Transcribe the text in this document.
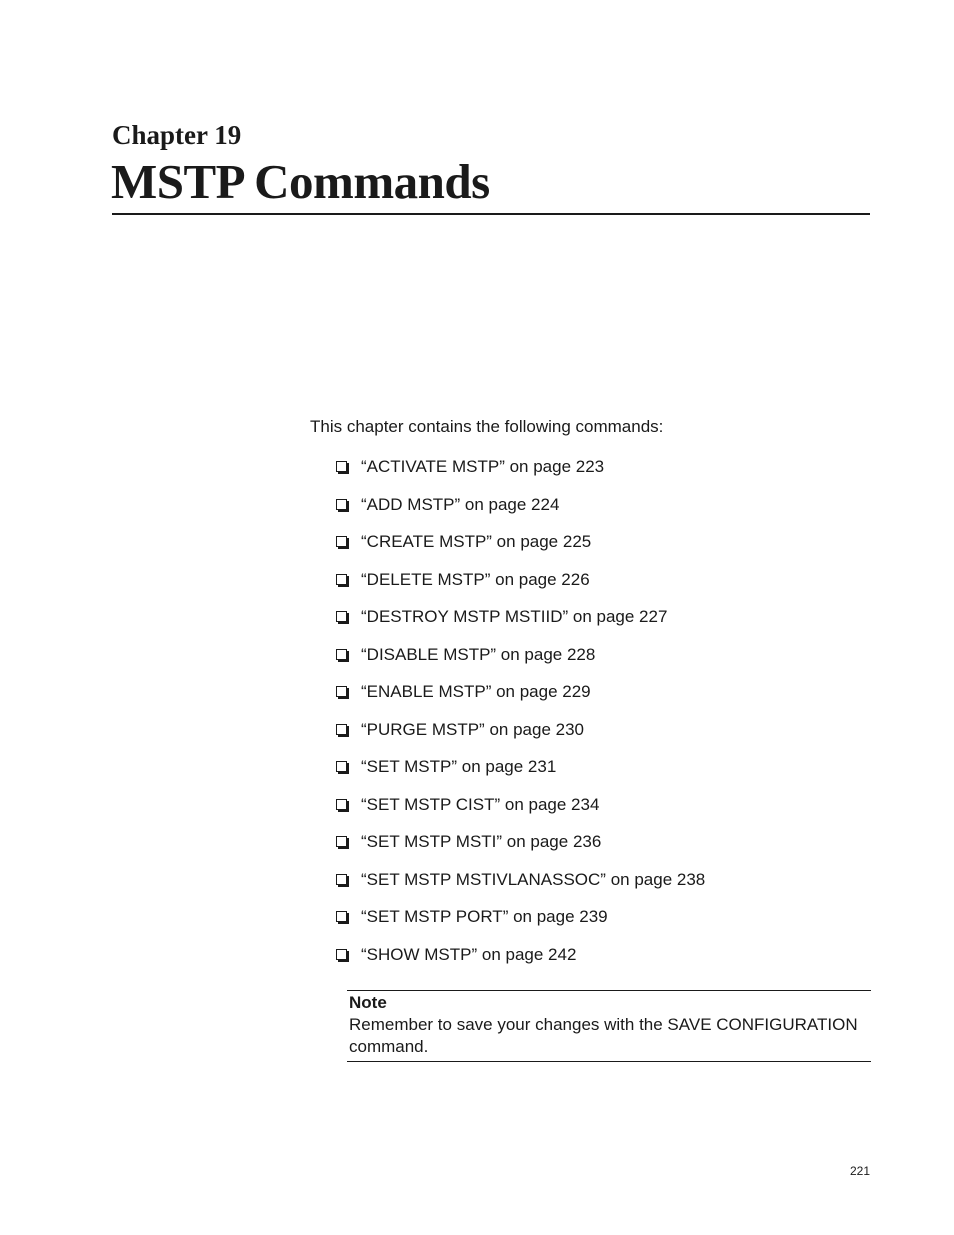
Chapter 19
MSTP Commands

This chapter contains the following commands:

“ACTIVATE MSTP” on page 223
“ADD MSTP” on page 224
“CREATE MSTP” on page 225
“DELETE MSTP” on page 226
“DESTROY MSTP MSTIID” on page 227
“DISABLE MSTP” on page 228
“ENABLE MSTP” on page 229
“PURGE MSTP” on page 230
“SET MSTP” on page 231
“SET MSTP CIST” on page 234
“SET MSTP MSTI” on page 236
“SET MSTP MSTIVLANASSOC” on page 238
“SET MSTP PORT” on page 239
“SHOW MSTP” on page 242

Note

Remember to save your changes with the SAVE CONFIGURATION command.

221
